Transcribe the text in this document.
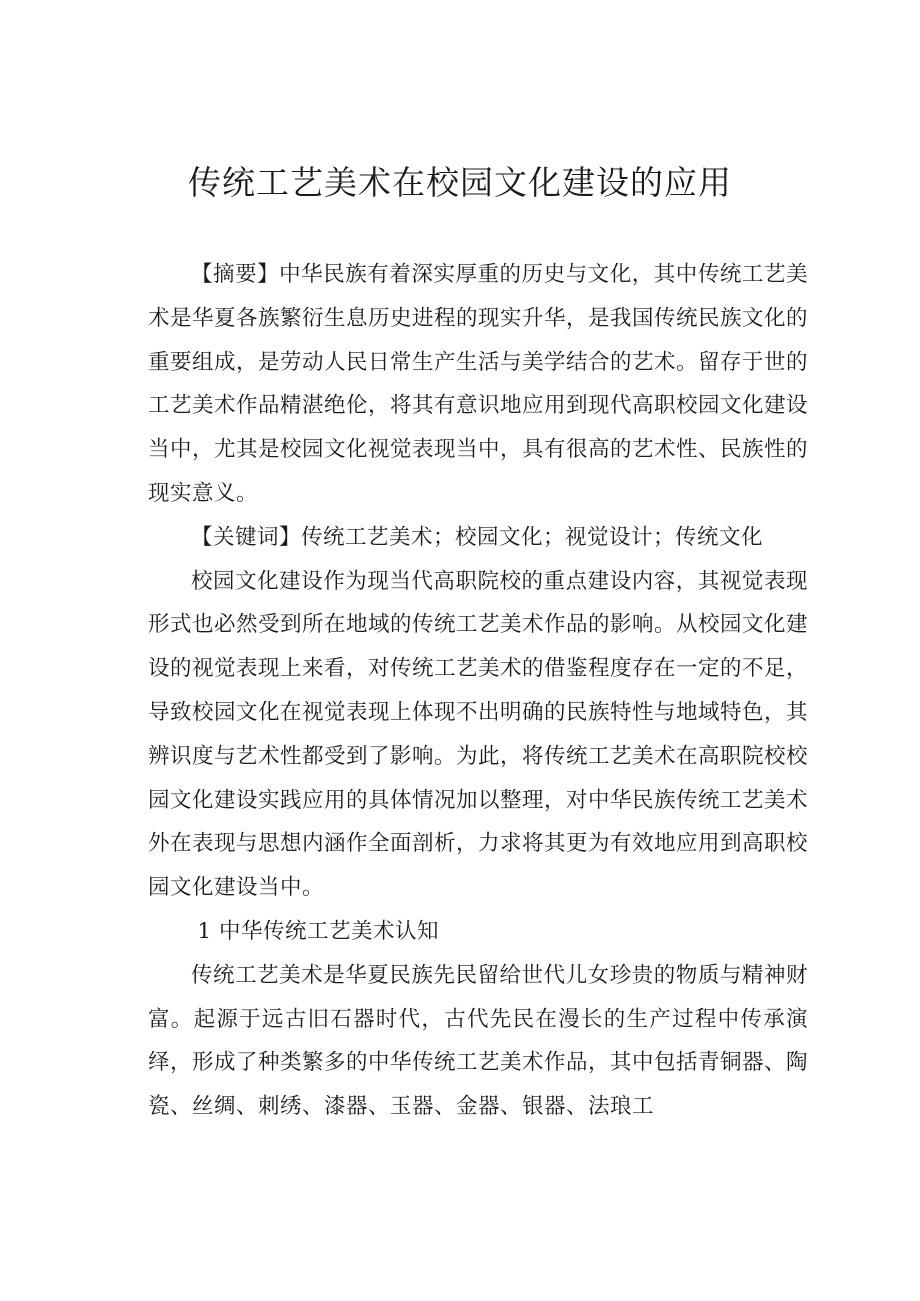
传统工艺美术在校园文化建设的应用

【摘要】中华民族有着深实厚重的历史与文化，其中传统工艺美术是华夏各族繁衍生息历史进程的现实升华，是我国传统民族文化的重要组成，是劳动人民日常生产生活与美学结合的艺术。留存于世的工艺美术作品精湛绝伦，将其有意识地应用到现代高职校园文化建设当中，尤其是校园文化视觉表现当中，具有很高的艺术性、民族性的现实意义。

【关键词】传统工艺美术；校园文化；视觉设计；传统文化

校园文化建设作为现当代高职院校的重点建设内容，其视觉表现形式也必然受到所在地域的传统工艺美术作品的影响。从校园文化建设的视觉表现上来看，对传统工艺美术的借鉴程度存在一定的不足，导致校园文化在视觉表现上体现不出明确的民族特性与地域特色，其辨识度与艺术性都受到了影响。为此，将传统工艺美术在高职院校校园文化建设实践应用的具体情况加以整理，对中华民族传统工艺美术外在表现与思想内涵作全面剖析，力求将其更为有效地应用到高职校园文化建设当中。

1 中华传统工艺美术认知

传统工艺美术是华夏民族先民留给世代儿女珍贵的物质与精神财富。起源于远古旧石器时代，古代先民在漫长的生产过程中传承演绎，形成了种类繁多的中华传统工艺美术作品，其中包括青铜器、陶瓷、丝绸、刺绣、漆器、玉器、金器、银器、法琅工
